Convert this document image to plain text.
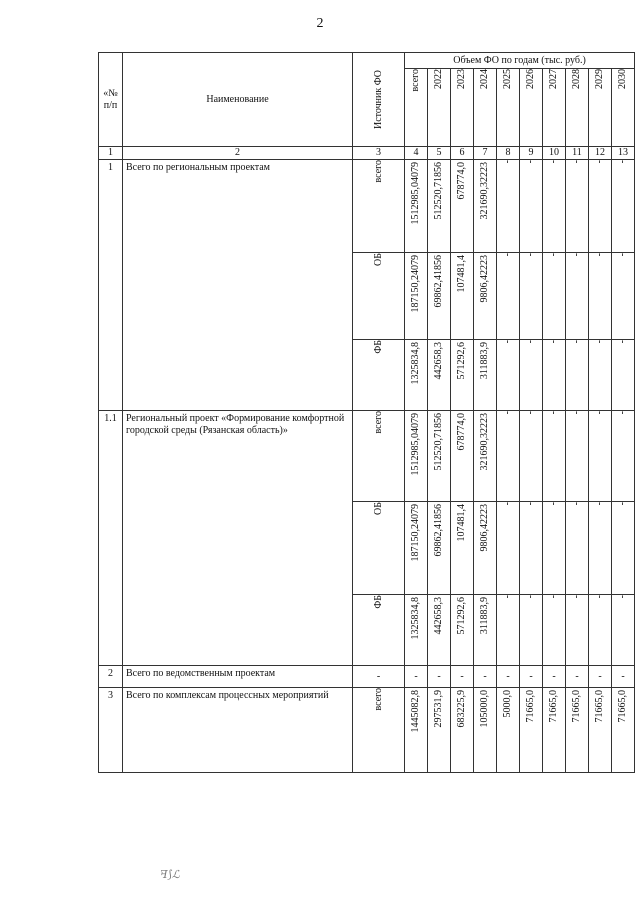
2
«№ п/п	Наименование	Источник ФО	Объем ФО по годам (тыс. руб.)									

			всего	2022	2023	2024	2025	2026	2027	2028	2029	2030

1	2	3	4	5	6	7	8	9	10	11	12	13
1	Всего по региональным проектам	всего	1512985,04079	512520,71856	678774,0	321690,32223	-	-	-	-	-	-

		ОБ	187150,24079	69862,41856	107481,4	9806,42223	-	-	-	-	-	-

		ФБ	1325834,8	442658,3	571292,6	311883,9	-	-	-	-	-	-

1.1	Региональный проект «Формирование комфортной городской среды (Рязанская область)»	всего	1512985,04079	512520,71856	678774,0	321690,32223	-	-	-	-	-	-

		ОБ	187150,24079	69862,41856	107481,4	9806,42223	-	-	-	-	-	-

		ФБ	1325834,8	442658,3	571292,6	311883,9	-	-	-	-	-	-

2	Всего по ведомственным проектам	-	-	-	-	-	-	-	-	-	-	-
3	Всего по комплексам процессных мероприятий	всего	1445082,8	297531,9	683225,9	105000,0	5000,0	71665,0	71665,0	71665,0	71665,0	71665,0
ꟻ⟆ℒ
